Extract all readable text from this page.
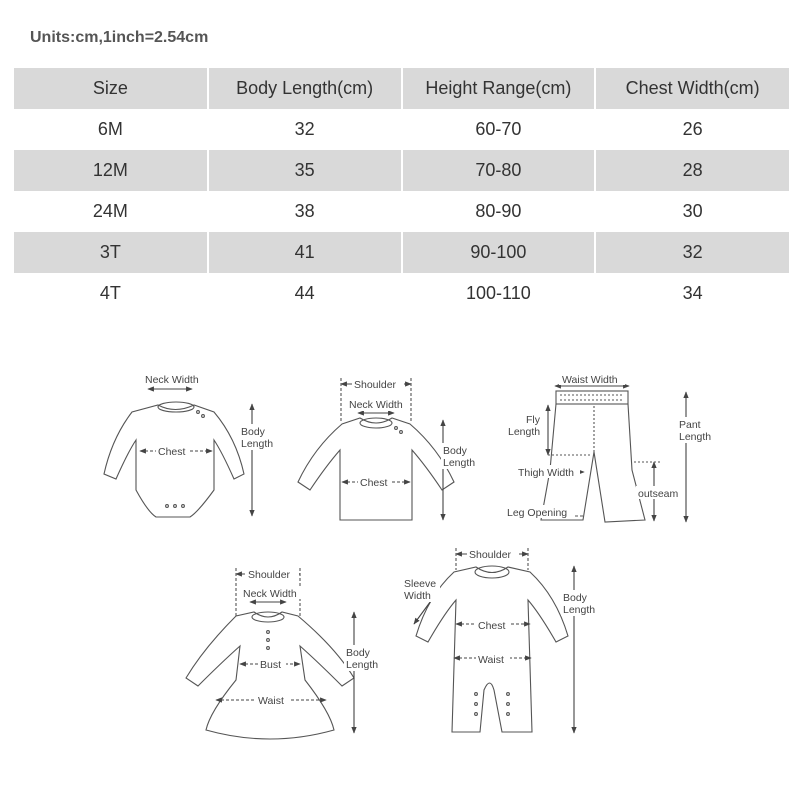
Units:cm,1inch=2.54cm
Size	Body Length(cm)	Height Range(cm)	Chest Width(cm)
6M	32	60-70	26
12M	35	70-80	28
24M	38	80-90	30
3T	41	90-100	32
4T	44	100-110	34
Neck Width
Chest
Body
Length
Shoulder
Neck Width
Chest
Body
Length
Waist Width
Fly
Length
Pant
Length
Thigh Width
outseam
Leg Opening
Shoulder
Neck Width
Bust
Waist
Body
Length
Shoulder
Sleeve
Width
Chest
Waist
Body
Length
